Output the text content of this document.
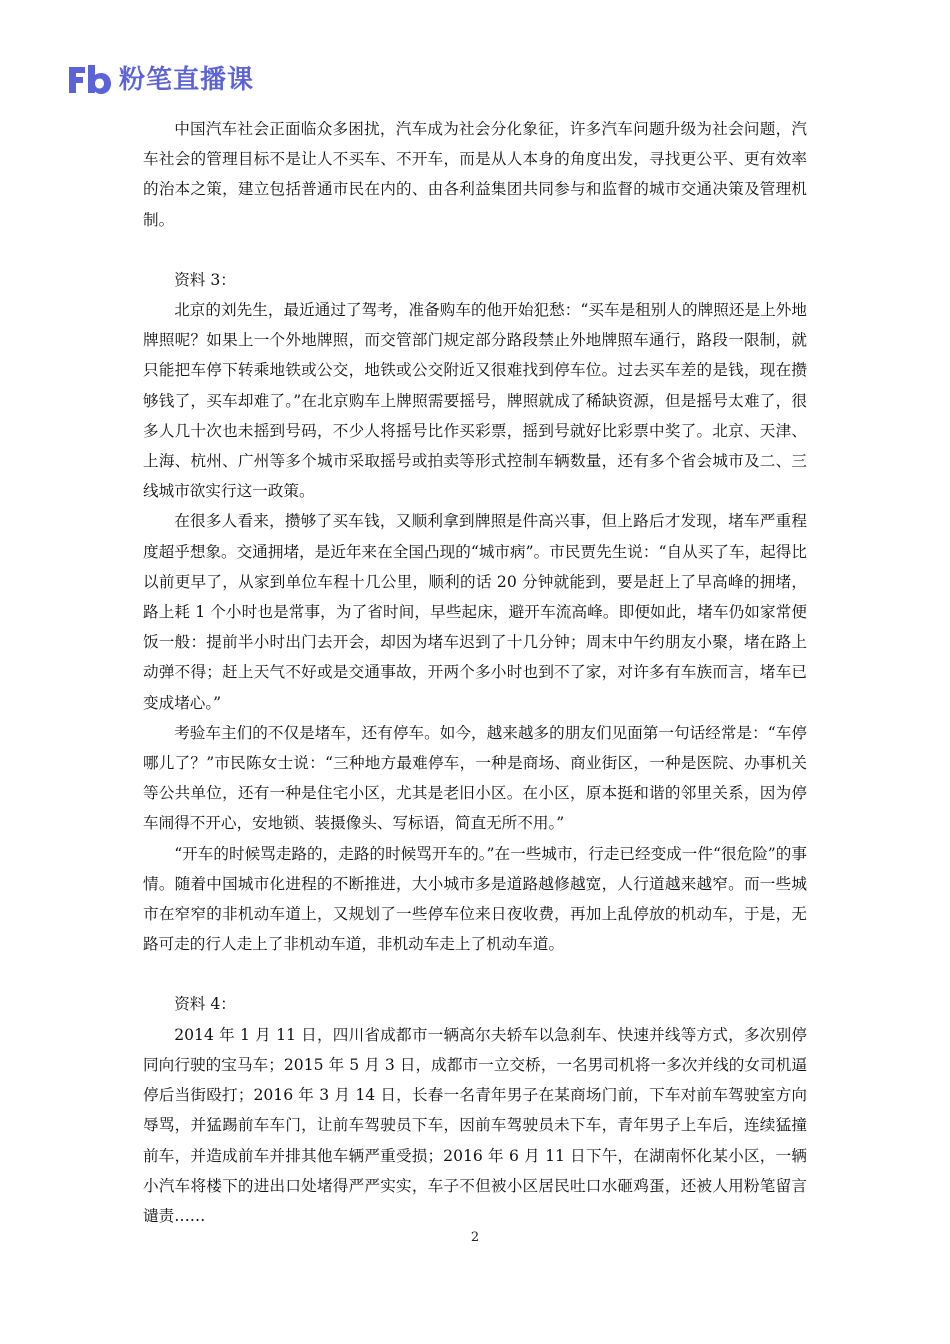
粉笔直播课

中国汽车社会正面临众多困扰，汽车成为社会分化象征，许多汽车问题升级为社会问题，汽车社会的管理目标不是让人不买车、不开车，而是从人本身的角度出发，寻找更公平、更有效率的治本之策，建立包括普通市民在内的、由各利益集团共同参与和监督的城市交通决策及管理机制。

资料 3：

北京的刘先生，最近通过了驾考，准备购车的他开始犯愁：“买车是租别人的牌照还是上外地牌照呢？如果上一个外地牌照，而交管部门规定部分路段禁止外地牌照车通行，路段一限制，就只能把车停下转乘地铁或公交，地铁或公交附近又很难找到停车位。过去买车差的是钱，现在攒够钱了，买车却难了。”在北京购车上牌照需要摇号，牌照就成了稀缺资源，但是摇号太难了，很多人几十次也未摇到号码，不少人将摇号比作买彩票，摇到号就好比彩票中奖了。北京、天津、上海、杭州、广州等多个城市采取摇号或拍卖等形式控制车辆数量，还有多个省会城市及二、三线城市欲实行这一政策。

在很多人看来，攒够了买车钱，又顺利拿到牌照是件高兴事，但上路后才发现，堵车严重程度超乎想象。交通拥堵，是近年来在全国凸现的“城市病”。市民贾先生说：“自从买了车，起得比以前更早了，从家到单位车程十几公里，顺利的话 20 分钟就能到，要是赶上了早高峰的拥堵，路上耗 1 个小时也是常事，为了省时间，早些起床，避开车流高峰。即便如此，堵车仍如家常便饭一般：提前半小时出门去开会，却因为堵车迟到了十几分钟；周末中午约朋友小聚，堵在路上动弹不得；赶上天气不好或是交通事故，开两个多小时也到不了家，对许多有车族而言，堵车已变成堵心。”

考验车主们的不仅是堵车，还有停车。如今，越来越多的朋友们见面第一句话经常是：“车停哪儿了？”市民陈女士说：“三种地方最难停车，一种是商场、商业街区，一种是医院、办事机关等公共单位，还有一种是住宅小区，尤其是老旧小区。在小区，原本挺和谐的邻里关系，因为停车闹得不开心，安地锁、装摄像头、写标语，简直无所不用。”

“开车的时候骂走路的，走路的时候骂开车的。”在一些城市，行走已经变成一件“很危险”的事情。随着中国城市化进程的不断推进，大小城市多是道路越修越宽，人行道越来越窄。而一些城市在窄窄的非机动车道上，又规划了一些停车位来日夜收费，再加上乱停放的机动车，于是，无路可走的行人走上了非机动车道，非机动车走上了机动车道。

资料 4：

2014 年 1 月 11 日，四川省成都市一辆高尔夫轿车以急刹车、快速并线等方式，多次别停同向行驶的宝马车；2015 年 5 月 3 日，成都市一立交桥，一名男司机将一多次并线的女司机逼停后当街殴打；2016 年 3 月 14 日，长春一名青年男子在某商场门前，下车对前车驾驶室方向辱骂，并猛踢前车车门，让前车驾驶员下车，因前车驾驶员未下车，青年男子上车后，连续猛撞前车，并造成前车并排其他车辆严重受损；2016 年 6 月 11 日下午，在湖南怀化某小区，一辆小汽车将楼下的进出口处堵得严严实实，车子不但被小区居民吐口水砸鸡蛋，还被人用粉笔留言谴责……

2
